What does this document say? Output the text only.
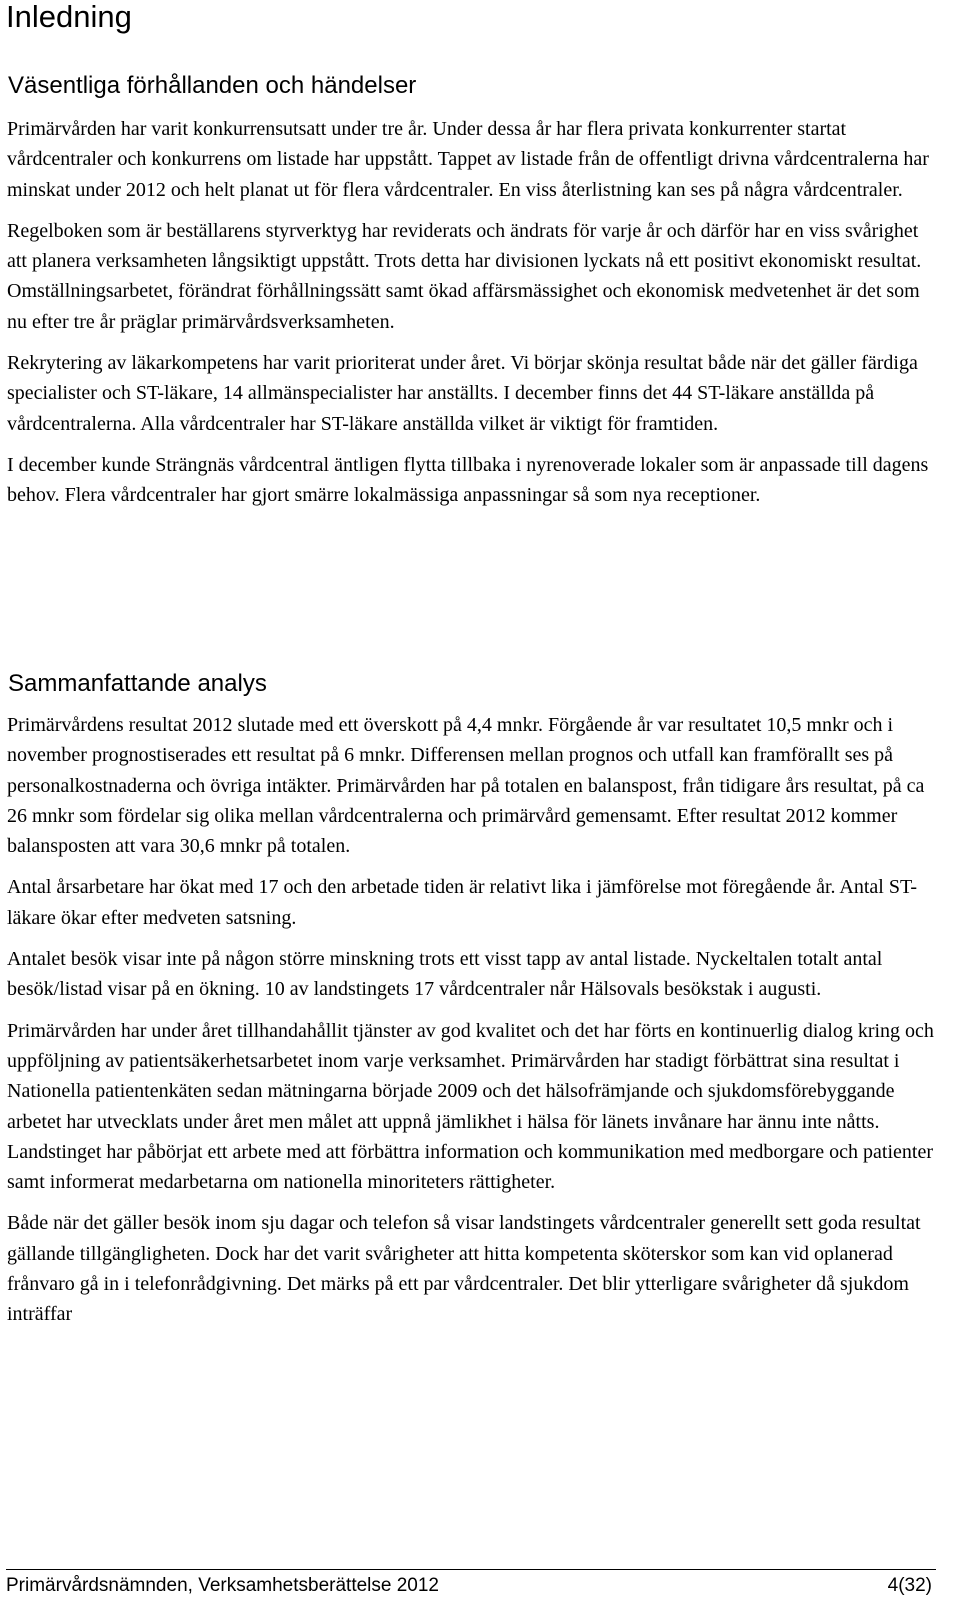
Inledning
Väsentliga förhållanden och händelser

Primärvården har varit konkurrensutsatt under tre år. Under dessa år har flera privata konkurrenter startat vårdcentraler och konkurrens om listade har uppstått. Tappet av listade från de offentligt drivna vårdcentralerna har minskat under 2012 och helt planat ut för flera vårdcentraler. En viss återlistning kan ses på några vårdcentraler.

Regelboken som är beställarens styrverktyg har reviderats och ändrats för varje år och därför har en viss svårighet att planera verksamheten långsiktigt uppstått. Trots detta har divisionen lyckats nå ett positivt ekonomiskt resultat. Omställningsarbetet, förändrat förhållningssätt samt ökad affärsmässighet och ekonomisk medvetenhet är det som nu efter tre år präglar primärvårdsverksamheten.

Rekrytering av läkarkompetens har varit prioriterat under året. Vi börjar skönja resultat både när det gäller färdiga specialister och ST-läkare, 14 allmänspecialister har anställts. I december finns det 44 ST-läkare anställda på vårdcentralerna. Alla vårdcentraler har ST-läkare anställda vilket är viktigt för framtiden.

I december kunde Strängnäs vårdcentral äntligen flytta tillbaka i nyrenoverade lokaler som är anpassade till dagens behov. Flera vårdcentraler har gjort smärre lokalmässiga anpassningar så som nya receptioner.

Sammanfattande analys

Primärvårdens resultat 2012 slutade med ett överskott på 4,4 mnkr. Förgående år var resultatet 10,5 mnkr och i november prognostiserades ett resultat på 6 mnkr. Differensen mellan prognos och utfall kan framförallt ses på personalkostnaderna och övriga intäkter. Primärvården har på totalen en balanspost, från tidigare års resultat, på ca 26 mnkr som fördelar sig olika mellan vårdcentralerna och primärvård gemensamt. Efter resultat 2012 kommer balansposten att vara 30,6 mnkr på totalen.

Antal årsarbetare har ökat med 17 och den arbetade tiden är relativt lika i jämförelse mot föregående år. Antal ST-läkare ökar efter medveten satsning.

Antalet besök visar inte på någon större minskning trots ett visst tapp av antal listade. Nyckeltalen totalt antal besök/listad visar på en ökning. 10 av landstingets 17 vårdcentraler når Hälsovals besökstak i augusti.

Primärvården har under året tillhandahållit tjänster av god kvalitet och det har förts en kontinuerlig dialog kring och uppföljning av patientsäkerhetsarbetet inom varje verksamhet. Primärvården har stadigt förbättrat sina resultat i Nationella patientenkäten sedan mätningarna började 2009 och det hälsofrämjande och sjukdomsförebyggande arbetet har utvecklats under året men målet att uppnå jämlikhet i hälsa för länets invånare har ännu inte nåtts. Landstinget har påbörjat ett arbete med att förbättra information och kommunikation med medborgare och patienter samt informerat medarbetarna om nationella minoriteters rättigheter.

Både när det gäller besök inom sju dagar och telefon så visar landstingets vårdcentraler generellt sett goda resultat gällande tillgängligheten. Dock har det varit svårigheter att hitta kompetenta sköterskor som kan vid oplanerad frånvaro gå in i telefonrådgivning. Det märks på ett par vårdcentraler. Det blir ytterligare svårigheter då sjukdom inträffar

Primärvårdsnämnden, Verksamhetsberättelse 2012	4(32)
